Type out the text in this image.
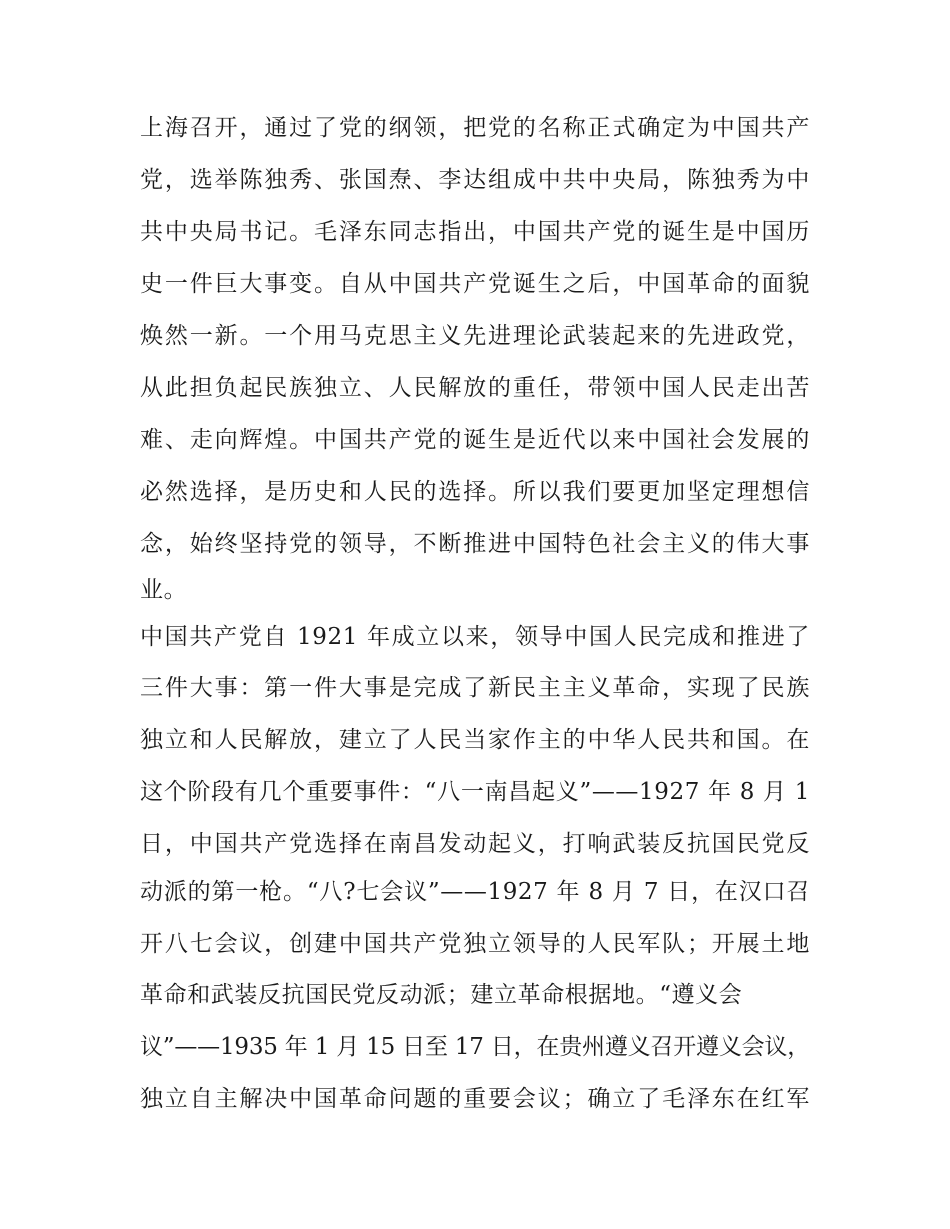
上海召开，通过了党的纲领，把党的名称正式确定为中国共产
党，选举陈独秀、张国焘、李达组成中共中央局，陈独秀为中
共中央局书记。毛泽东同志指出，中国共产党的诞生是中国历
史一件巨大事变。自从中国共产党诞生之后，中国革命的面貌
焕然一新。一个用马克思主义先进理论武装起来的先进政党，
从此担负起民族独立、人民解放的重任，带领中国人民走出苦
难、走向辉煌。中国共产党的诞生是近代以来中国社会发展的
必然选择，是历史和人民的选择。所以我们要更加坚定理想信
念，始终坚持党的领导，不断推进中国特色社会主义的伟大事
业。
中国共产党自 1921 年成立以来，领导中国人民完成和推进了
三件大事：第一件大事是完成了新民主主义革命，实现了民族
独立和人民解放，建立了人民当家作主的中华人民共和国。在
这个阶段有几个重要事件：“八一南昌起义”——1927 年 8 月 1
日，中国共产党选择在南昌发动起义，打响武装反抗国民党反
动派的第一枪。“八?七会议”——1927 年 8 月 7 日，在汉口召
开八七会议，创建中国共产党独立领导的人民军队；开展土地
革命和武装反抗国民党反动派；建立革命根据地。“遵义会
议”——1935 年 1 月 15 日至 17 日，在贵州遵义召开遵义会议，
独立自主解决中国革命问题的重要会议；确立了毛泽东在红军
